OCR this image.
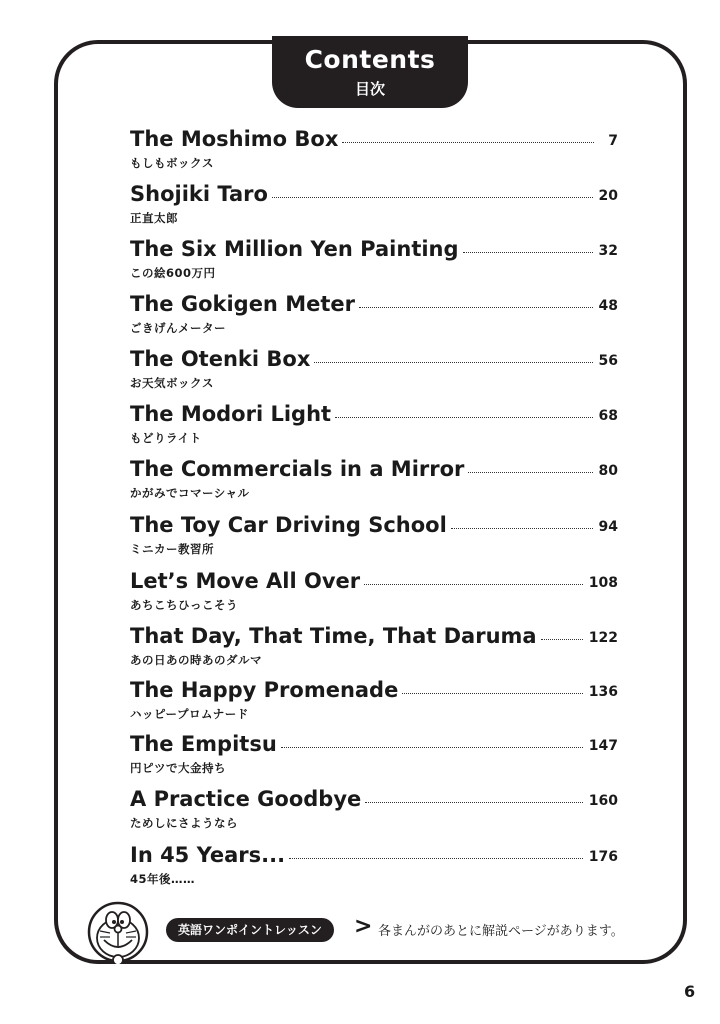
Contents
目次
The Moshimo Box	7
もしもボックス
Shojiki Taro	20
正直太郎
The Six Million Yen Painting	32
この絵600万円
The Gokigen Meter	48
ごきげんメーター
The Otenki Box	56
お天気ボックス
The Modori Light	68
もどりライト
The Commercials in a Mirror	80
かがみでコマーシャル
The Toy Car Driving School	94
ミニカー教習所
Let’s Move All Over	108
あちこちひっこそう
That Day, That Time, That Daruma	122
あの日あの時あのダルマ
The Happy Promenade	136
ハッピープロムナード
The Empitsu	147
円ピツで大金持ち
A Practice Goodbye	160
ためしにさようなら
In 45 Years...	176
45年後……
英語ワンポイントレッスン	> 各まんがのあとに解説ページがあります。
6
